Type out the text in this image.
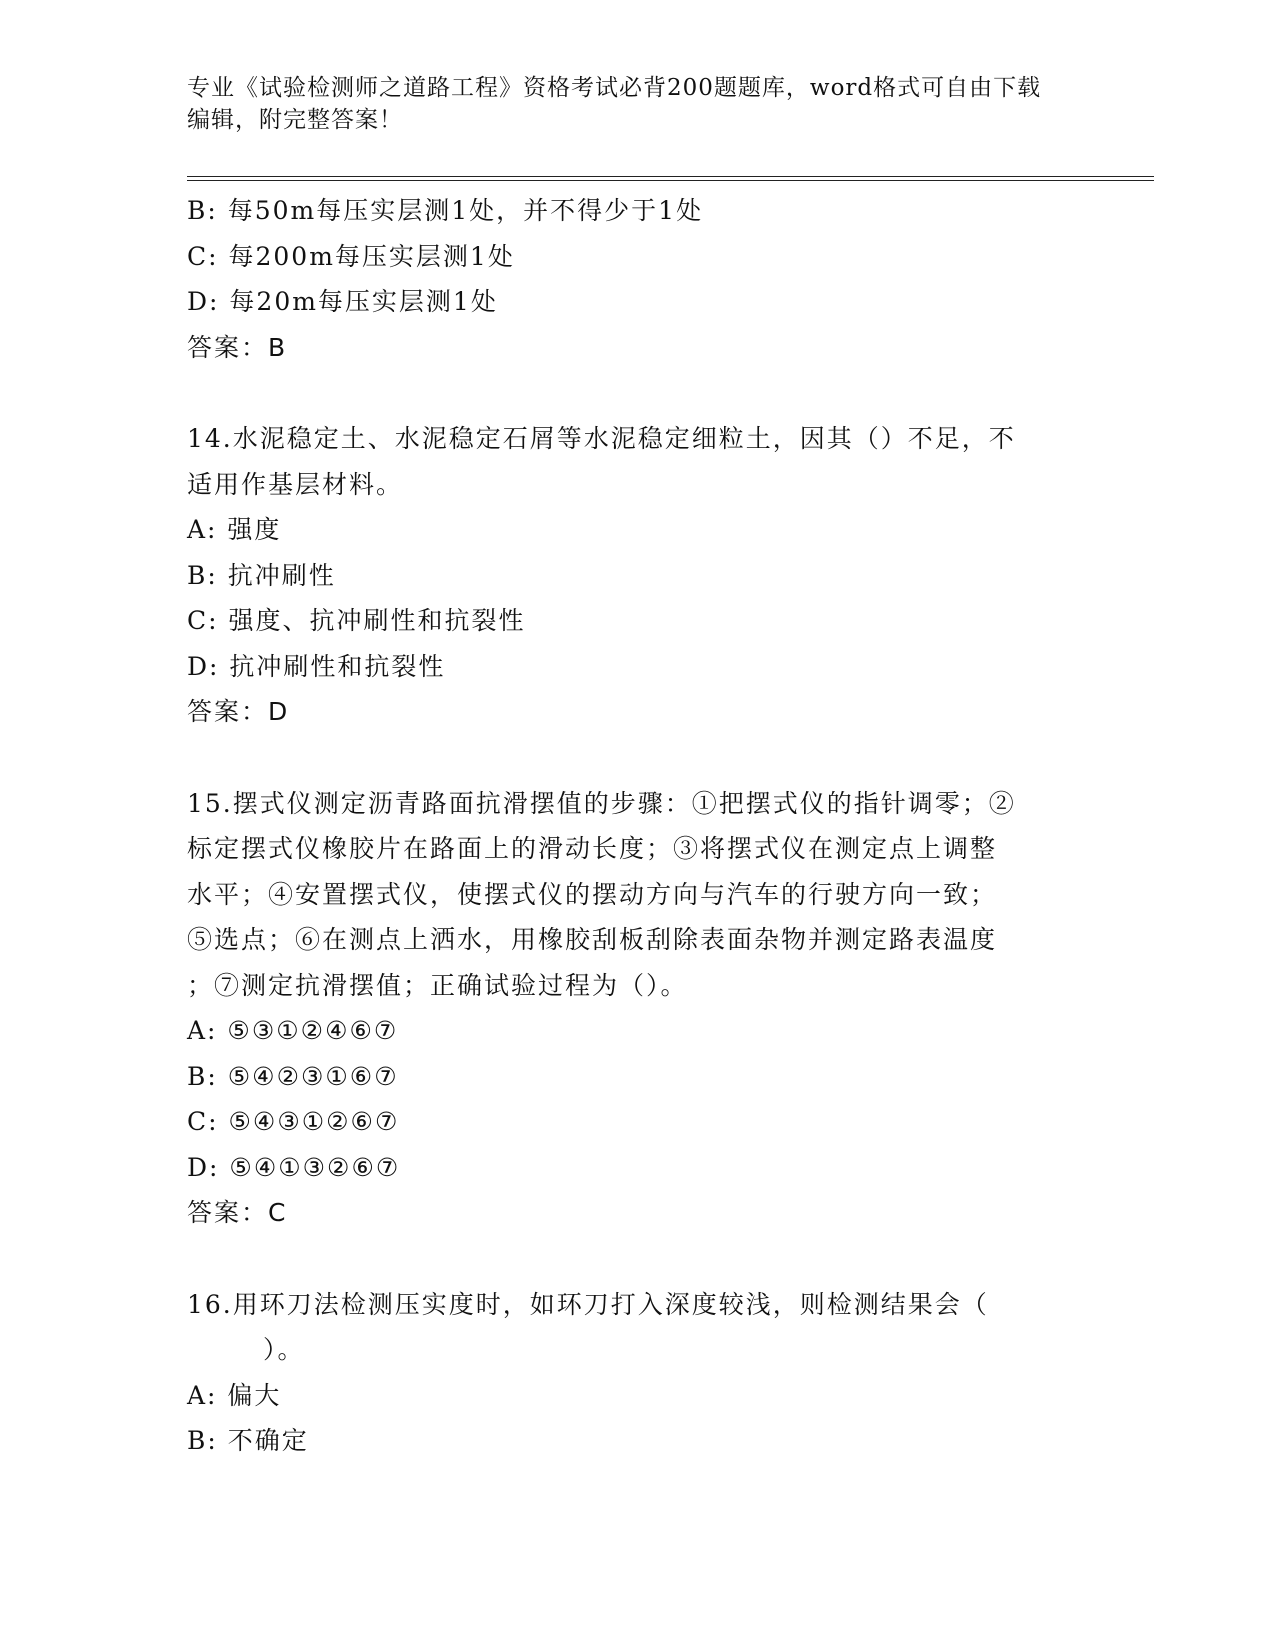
专业《试验检测师之道路工程》资格考试必背200题题库，word格式可自由下载
编辑，附完整答案！
B: 每50m每压实层测1处，并不得少于1处
C: 每200m每压实层测1处
D: 每20m每压实层测1处
答案：B
14.水泥稳定土、水泥稳定石屑等水泥稳定细粒土，因其（）不足，不
适用作基层材料。
A: 强度
B: 抗冲刷性
C: 强度、抗冲刷性和抗裂性
D: 抗冲刷性和抗裂性
答案：D
15.摆式仪测定沥青路面抗滑摆值的步骤：①把摆式仪的指针调零；②
标定摆式仪橡胶片在路面上的滑动长度；③将摆式仪在测定点上调整
水平；④安置摆式仪，使摆式仪的摆动方向与汽车的行驶方向一致；
⑤选点；⑥在测点上洒水，用橡胶刮板刮除表面杂物并测定路表温度
；⑦测定抗滑摆值；正确试验过程为（）。
A: ⑤③①②④⑥⑦
B: ⑤④②③①⑥⑦
C: ⑤④③①②⑥⑦
D: ⑤④①③②⑥⑦
答案：C
16.用环刀法检测压实度时，如环刀打入深度较浅，则检测结果会（
）。
A: 偏大
B: 不确定
